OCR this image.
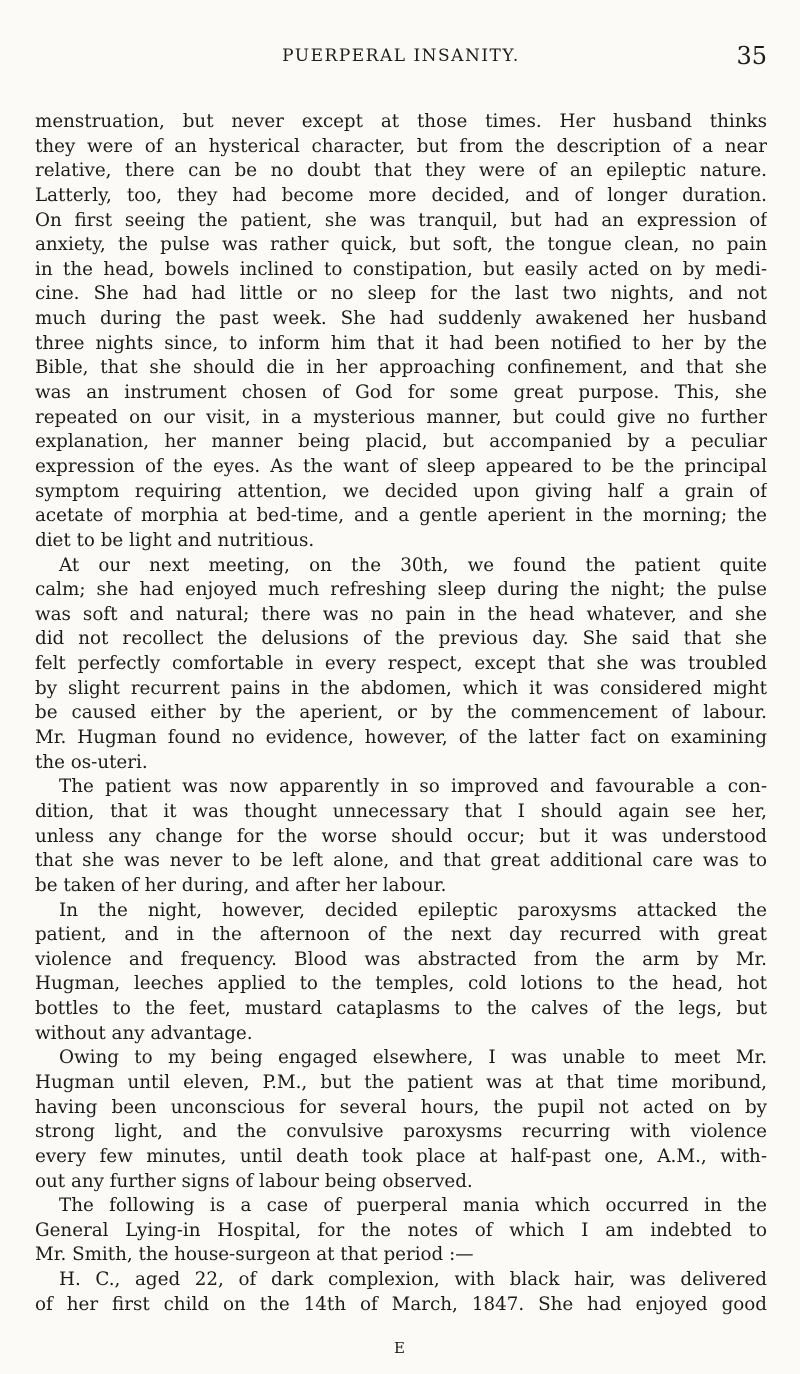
PUERPERAL INSANITY.	35
menstruation, but never except at those times. Her husband thinks
they were of an hysterical character, but from the description of a near
relative, there can be no doubt that they were of an epileptic nature.
Latterly, too, they had become more decided, and of longer duration.
On first seeing the patient, she was tranquil, but had an expression of
anxiety, the pulse was rather quick, but soft, the tongue clean, no pain
in the head, bowels inclined to constipation, but easily acted on by medi-
cine. She had had little or no sleep for the last two nights, and not
much during the past week. She had suddenly awakened her husband
three nights since, to inform him that it had been notified to her by the
Bible, that she should die in her approaching confinement, and that she
was an instrument chosen of God for some great purpose. This, she
repeated on our visit, in a mysterious manner, but could give no further
explanation, her manner being placid, but accompanied by a peculiar
expression of the eyes. As the want of sleep appeared to be the principal
symptom requiring attention, we decided upon giving half a grain of
acetate of morphia at bed-time, and a gentle aperient in the morning; the
diet to be light and nutritious.
At our next meeting, on the 30th, we found the patient quite
calm; she had enjoyed much refreshing sleep during the night; the pulse
was soft and natural; there was no pain in the head whatever, and she
did not recollect the delusions of the previous day. She said that she
felt perfectly comfortable in every respect, except that she was troubled
by slight recurrent pains in the abdomen, which it was considered might
be caused either by the aperient, or by the commencement of labour.
Mr. Hugman found no evidence, however, of the latter fact on examining
the os-uteri.
The patient was now apparently in so improved and favourable a con-
dition, that it was thought unnecessary that I should again see her,
unless any change for the worse should occur; but it was understood
that she was never to be left alone, and that great additional care was to
be taken of her during, and after her labour.
In the night, however, decided epileptic paroxysms attacked the
patient, and in the afternoon of the next day recurred with great
violence and frequency. Blood was abstracted from the arm by Mr.
Hugman, leeches applied to the temples, cold lotions to the head, hot
bottles to the feet, mustard cataplasms to the calves of the legs, but
without any advantage.
Owing to my being engaged elsewhere, I was unable to meet Mr.
Hugman until eleven, P.M., but the patient was at that time moribund,
having been unconscious for several hours, the pupil not acted on by
strong light, and the convulsive paroxysms recurring with violence
every few minutes, until death took place at half-past one, A.M., with-
out any further signs of labour being observed.
The following is a case of puerperal mania which occurred in the
General Lying-in Hospital, for the notes of which I am indebted to
Mr. Smith, the house-surgeon at that period :—
H. C., aged 22, of dark complexion, with black hair, was delivered
of her first child on the 14th of March, 1847. She had enjoyed good
E
